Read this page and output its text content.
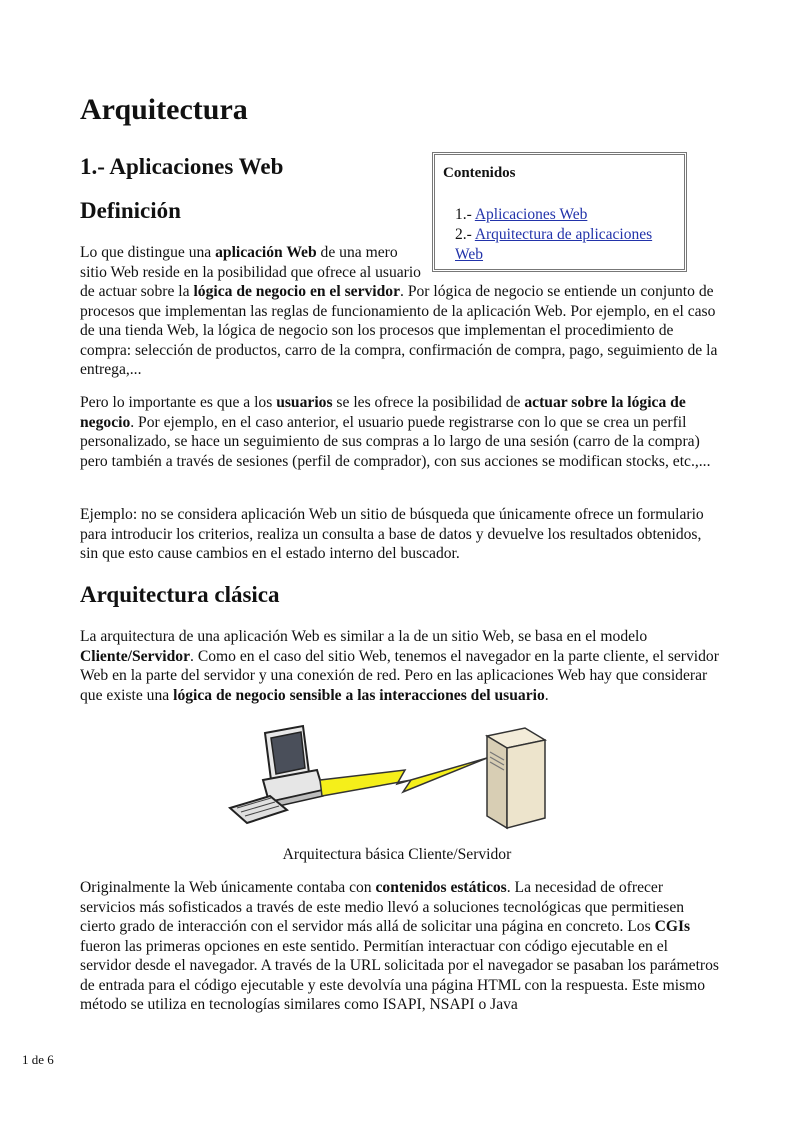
Arquitectura
1.- Aplicaciones Web
Definición

Contenidos

1.- Aplicaciones Web
2.- Arquitectura de aplicaciones Web

Lo que distingue una aplicación Web de una mero
sitio Web reside en la posibilidad que ofrece al usuario
de actuar sobre la lógica de negocio en el servidor. Por lógica de negocio se entiende un conjunto de procesos que implementan las reglas de funcionamiento de la aplicación Web. Por ejemplo, en el caso de una tienda Web, la lógica de negocio son los procesos que implementan el procedimiento de compra: selección de productos, carro de la compra, confirmación de compra, pago, seguimiento de la entrega,...

Pero lo importante es que a los usuarios se les ofrece la posibilidad de actuar sobre la lógica de negocio. Por ejemplo, en el caso anterior, el usuario puede registrarse con lo que se crea un perfil personalizado, se hace un seguimiento de sus compras a lo largo de una sesión (carro de la compra) pero también a través de sesiones (perfil de comprador), con sus acciones se modifican stocks, etc.,...

Ejemplo: no se considera aplicación Web un sitio de búsqueda que únicamente ofrece un formulario para introducir los criterios, realiza un consulta a base de datos y devuelve los resultados obtenidos, sin que esto cause cambios en el estado interno del buscador.

Arquitectura clásica

La arquitectura de una aplicación Web es similar a la de un sitio Web, se basa en el modelo Cliente/Servidor. Como en el caso del sitio Web, tenemos el navegador en la parte cliente, el servidor Web en la parte del servidor y una conexión de red. Pero en las aplicaciones Web hay que considerar que existe una lógica de negocio sensible a las interacciones del usuario.

Arquitectura básica Cliente/Servidor

Originalmente la Web únicamente contaba con contenidos estáticos. La necesidad de ofrecer servicios más sofisticados a través de este medio llevó a soluciones tecnológicas que permitiesen cierto grado de interacción con el servidor más allá de solicitar una página en concreto. Los CGIs fueron las primeras opciones en este sentido. Permitían interactuar con código ejecutable en el servidor desde el navegador. A través de la URL solicitada por el navegador se pasaban los parámetros de entrada para el código ejecutable y este devolvía una página HTML con la respuesta. Este mismo método se utiliza en tecnologías similares como ISAPI, NSAPI o Java

1 de 6
